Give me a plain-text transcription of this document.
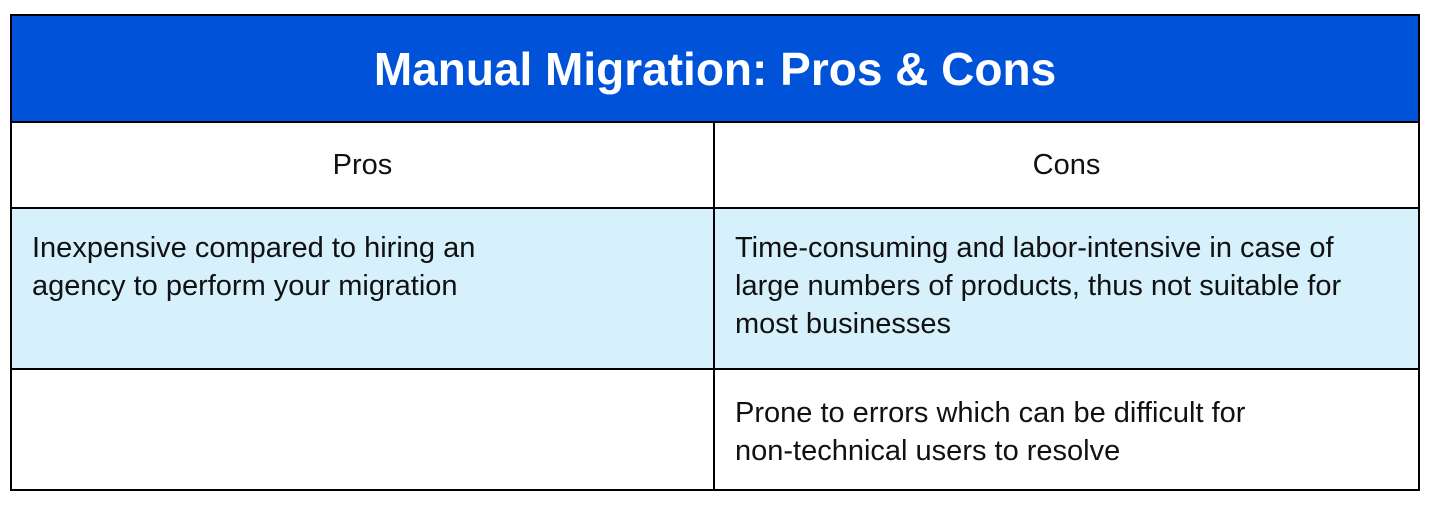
Manual Migration: Pros & Cons
Pros	Cons
Inexpensive compared to hiring an agency to perform your migration
Time-consuming and labor-intensive in case of large numbers of products, thus not suitable for most businesses
Prone to errors which can be difficult for non-technical users to resolve
